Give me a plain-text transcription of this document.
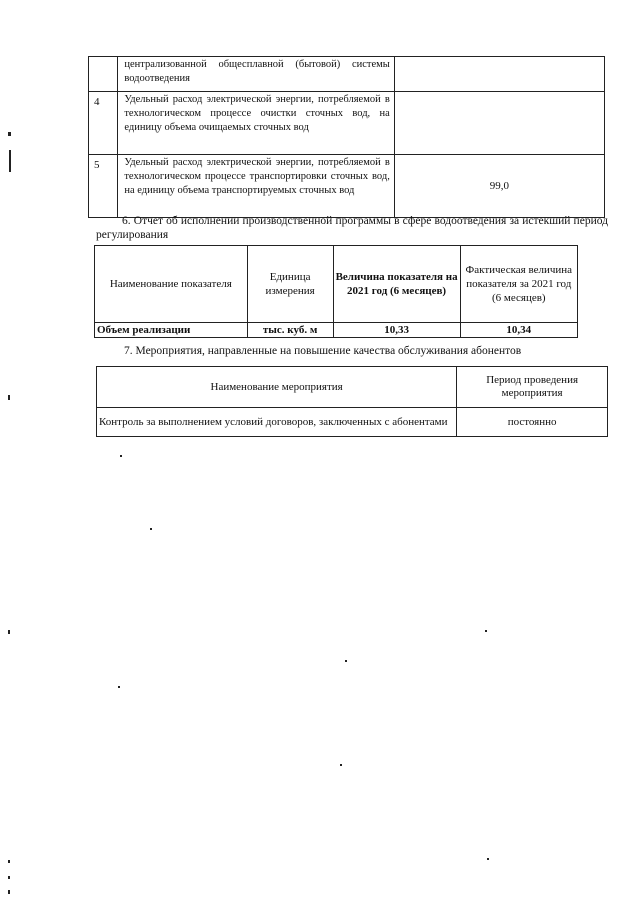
	централизованной общесплавной (бытовой) системы водоотведения	
4	Удельный расход электрической энергии, потребляемой в технологическом процессе очистки сточных вод, на единицу объема очищаемых сточных вод	
5	Удельный расход электрической энергии, потребляемой в технологическом процессе транспортировки сточных вод, на единицу объема транспортируемых сточных вод	99,0
6. Отчет об исполнении производственной программы в сфере водоотведения за истекший период регулирования
Наименование показателя	Единица измерения	Величина показателя на 2021 год (6 месяцев)	Фактическая величина показателя за 2021 год (6 месяцев)
Объем реализации	тыс. куб. м	10,33	10,34
7. Мероприятия, направленные на повышение качества обслуживания абонентов
Наименование мероприятия	Период проведения мероприятия
Контроль за выполнением условий договоров, заключенных с абонентами	постоянно
